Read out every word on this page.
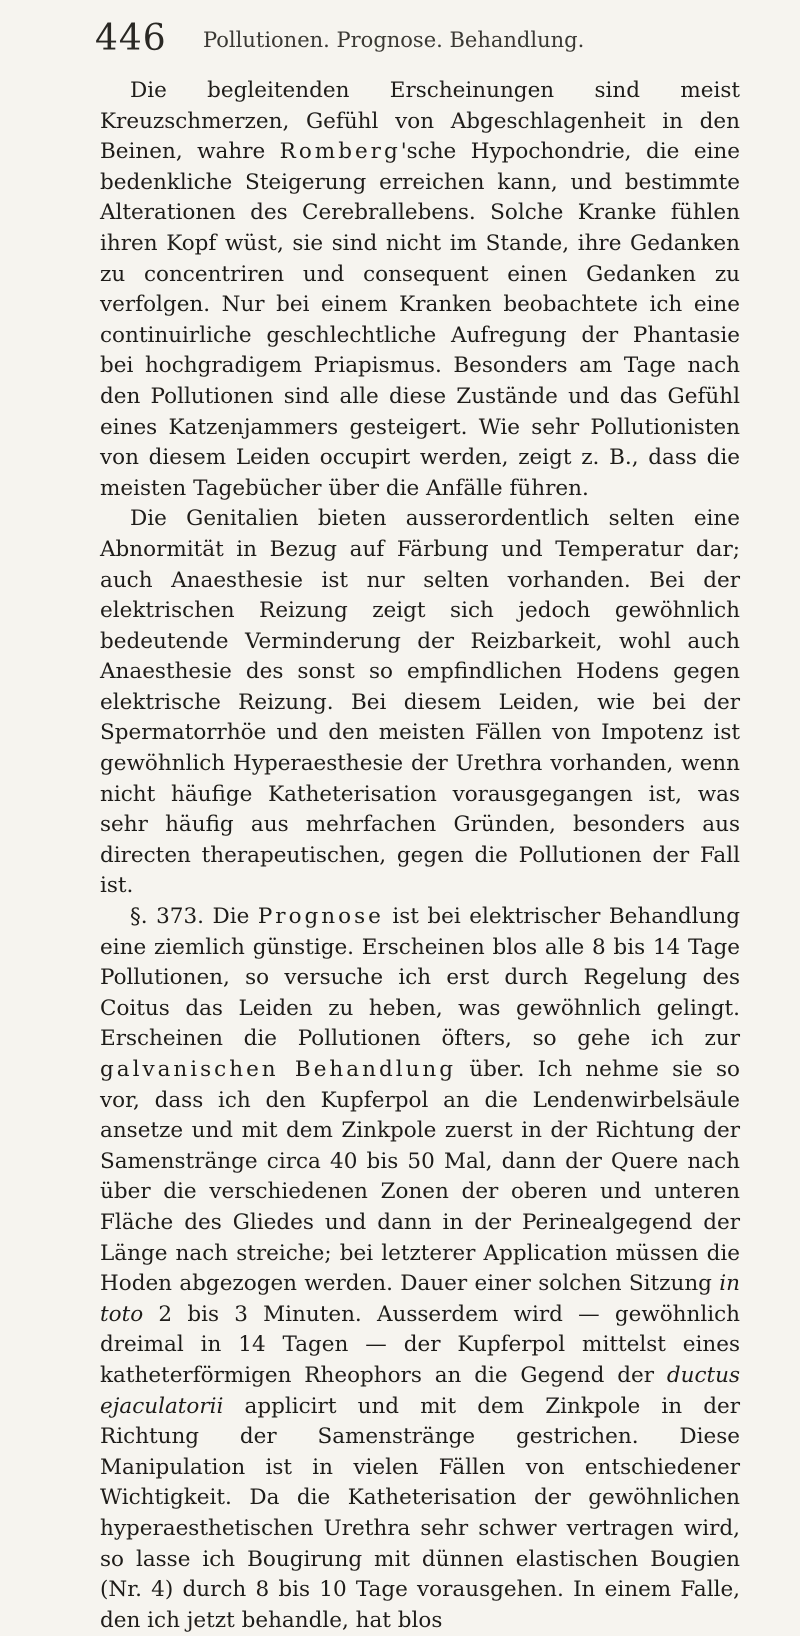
446 Pollutionen. Prognose. Behandlung.

Die begleitenden Erscheinungen sind meist Kreuzschmerzen, Gefühl von Abgeschlagenheit in den Beinen, wahre Romberg'sche Hypochondrie, die eine bedenkliche Steigerung erreichen kann, und bestimmte Alterationen des Cerebrallebens. Solche Kranke fühlen ihren Kopf wüst, sie sind nicht im Stande, ihre Gedanken zu concentriren und consequent einen Gedanken zu verfolgen. Nur bei einem Kranken beobachtete ich eine continuirliche geschlechtliche Aufregung der Phantasie bei hochgradigem Priapismus. Besonders am Tage nach den Pollutionen sind alle diese Zustände und das Gefühl eines Katzenjammers gesteigert. Wie sehr Pollutionisten von diesem Leiden occupirt werden, zeigt z. B., dass die meisten Tagebücher über die Anfälle führen.

Die Genitalien bieten ausserordentlich selten eine Abnormität in Bezug auf Färbung und Temperatur dar; auch Anaesthesie ist nur selten vorhanden. Bei der elektrischen Reizung zeigt sich jedoch gewöhnlich bedeutende Verminderung der Reizbarkeit, wohl auch Anaesthesie des sonst so empfindlichen Hodens gegen elektrische Reizung. Bei diesem Leiden, wie bei der Spermatorrhöe und den meisten Fällen von Impotenz ist gewöhnlich Hyperaesthesie der Urethra vorhanden, wenn nicht häufige Katheterisation vorausgegangen ist, was sehr häufig aus mehrfachen Gründen, besonders aus directen therapeutischen, gegen die Pollutionen der Fall ist.

§. 373. Die Prognose ist bei elektrischer Behandlung eine ziemlich günstige. Erscheinen blos alle 8 bis 14 Tage Pollutionen, so versuche ich erst durch Regelung des Coitus das Leiden zu heben, was gewöhnlich gelingt. Erscheinen die Pollutionen öfters, so gehe ich zur galvanischen Behandlung über. Ich nehme sie so vor, dass ich den Kupferpol an die Lendenwirbelsäule ansetze und mit dem Zinkpole zuerst in der Richtung der Samenstränge circa 40 bis 50 Mal, dann der Quere nach über die verschiedenen Zonen der oberen und unteren Fläche des Gliedes und dann in der Perinealgegend der Länge nach streiche; bei letzterer Application müssen die Hoden abgezogen werden. Dauer einer solchen Sitzung in toto 2 bis 3 Minuten. Ausserdem wird — gewöhnlich dreimal in 14 Tagen — der Kupferpol mittelst eines katheterförmigen Rheophors an die Gegend der ductus ejaculatorii applicirt und mit dem Zinkpole in der Richtung der Samenstränge gestrichen. Diese Manipulation ist in vielen Fällen von entschiedener Wichtigkeit. Da die Katheterisation der gewöhnlichen hyperaesthetischen Urethra sehr schwer vertragen wird, so lasse ich Bougirung mit dünnen elastischen Bougien (Nr. 4) durch 8 bis 10 Tage vorausgehen. In einem Falle, den ich jetzt behandle, hat blos
